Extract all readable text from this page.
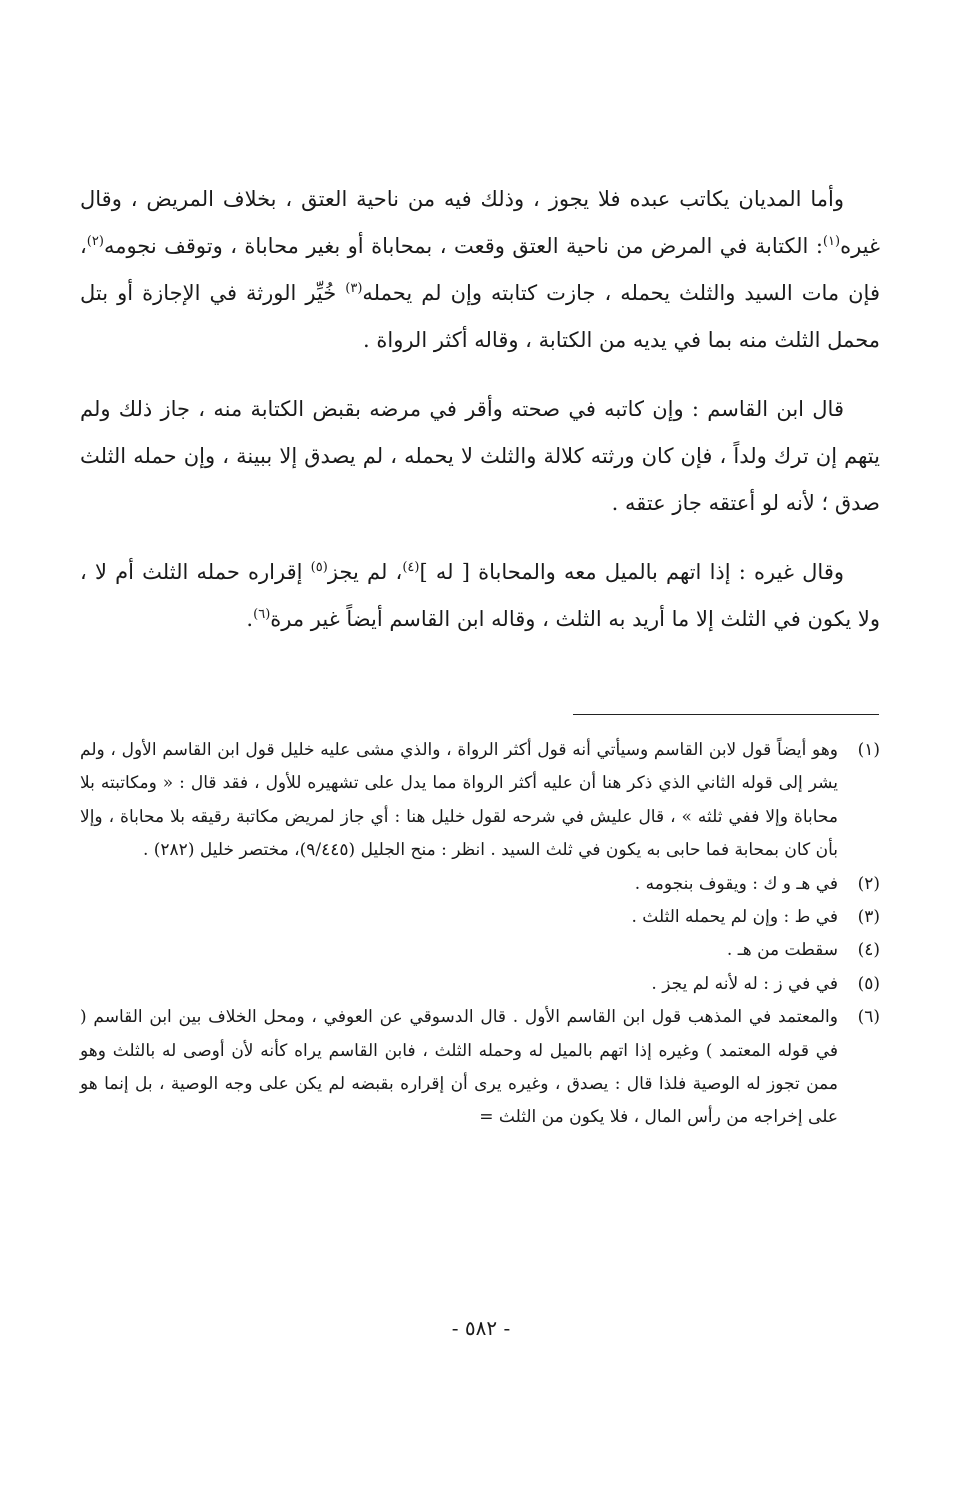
وأما المديان يكاتب عبده فلا يجوز ، وذلك فيه من ناحية العتق ، بخلاف المريض ، وقال غيره$^{(١)}$: الكتابة في المرض من ناحية العتق وقعت ، بمحاباة أو بغير محاباة ، وتوقف نجومه$^{(٢)}$، فإن مات السيد والثلث يحمله ، جازت كتابته وإن لم يحمله$^{(٣)}$ خُيِّر الورثة في الإجازة أو بتل محمل الثلث منه بما في يديه من الكتابة ، وقاله أكثر الرواة .

قال ابن القاسم : وإن كاتبه في صحته وأقر في مرضه بقبض الكتابة منه ، جاز ذلك ولم يتهم إن ترك ولداً ، فإن كان ورثته كلالة والثلث لا يحمله ، لم يصدق إلا ببينة ، وإن حمله الثلث صدق ؛ لأنه لو أعتقه جاز عتقه .

وقال غيره : إذا اتهم بالميل معه والمحاباة [ له ]$^{(٤)}$، لم يجز$^{(٥)}$ إقراره حمله الثلث أم لا ، ولا يكون في الثلث إلا ما أريد به الثلث ، وقاله ابن القاسم أيضاً غير مرة$^{(٦)}$.

(١)
وهو أيضاً قول لابن القاسم وسيأتي أنه قول أكثر الرواة ، والذي مشى عليه خليل قول ابن القاسم الأول ، ولم يشر إلى قوله الثاني الذي ذكر هنا أن عليه أكثر الرواة مما يدل على تشهيره للأول ، فقد قال : « ومكاتبته بلا محاباة وإلا ففي ثلثه » ، قال عليش في شرحه لقول خليل هنا : أي جاز لمريض مكاتبة رقيقه بلا محاباة ، وإلا بأن كان بمحابة فما حابى به يكون في ثلث السيد . انظر : منح الجليل (٩/٤٤٥)، مختصر خليل (٢٨٢) .
(٢)
في هـ و ك : ويقوف بنجومه .
(٣)
في ط : وإن لم يحمله الثلث .
(٤)
سقطت من هـ .
(٥)
في في ز : له لأنه لم يجز .
(٦)
والمعتمد في المذهب قول ابن القاسم الأول . قال الدسوقي عن العوفي ، ومحل الخلاف بين ابن القاسم ( في قوله المعتمد ) وغيره إذا اتهم بالميل له وحمله الثلث ، فابن القاسم يراه كأنه لأن أوصى له بالثلث وهو ممن تجوز له الوصية فلذا قال : يصدق ، وغيره يرى أن إقراره بقبضه لم يكن على وجه الوصية ، بل إنما هو على إخراجه من رأس المال ، فلا يكون من الثلث =
- ٥٨٢ -
